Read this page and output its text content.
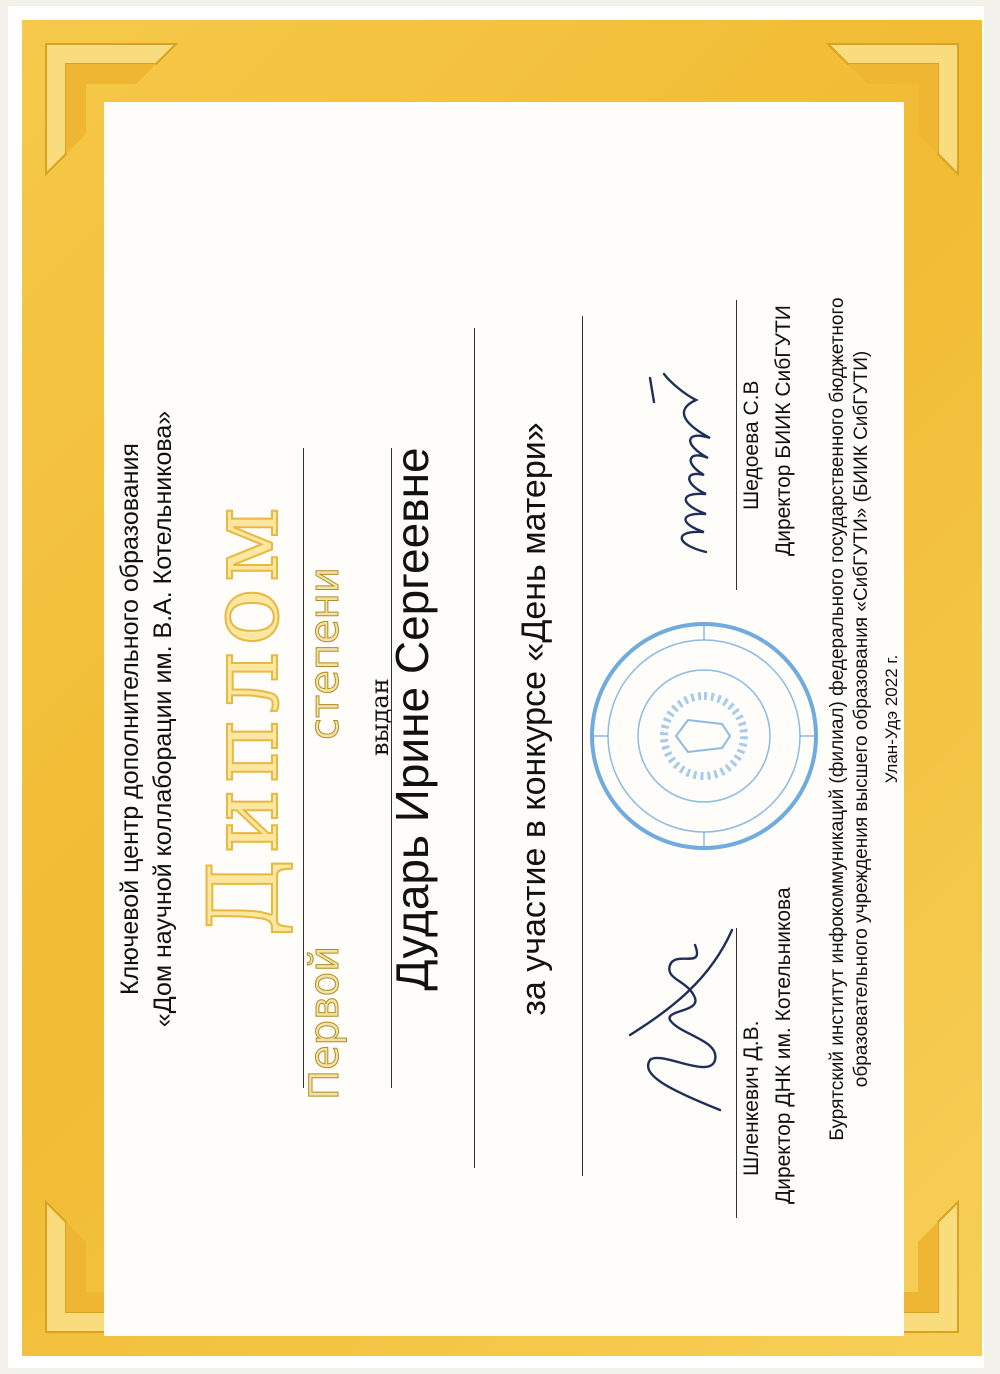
Ключевой центр дополнительного образования «Дом научной коллаборации им. В.А. Котельникова» Диплом
Первой
степени выдан
Дударь Ирине Сергеевне за участие в конкурсе «День матери»
Шленкевич Д.В. Директор ДНК им. Котельникова
Шедоева С.В Директор БИИК СибГУТИ Бурятский институт инфокоммуникаций (филиал) федерального государственного бюджетного образовательного учреждения высшего образования «СибГУТИ» (БИИК СибГУТИ) Улан-Удэ 2022 г.
